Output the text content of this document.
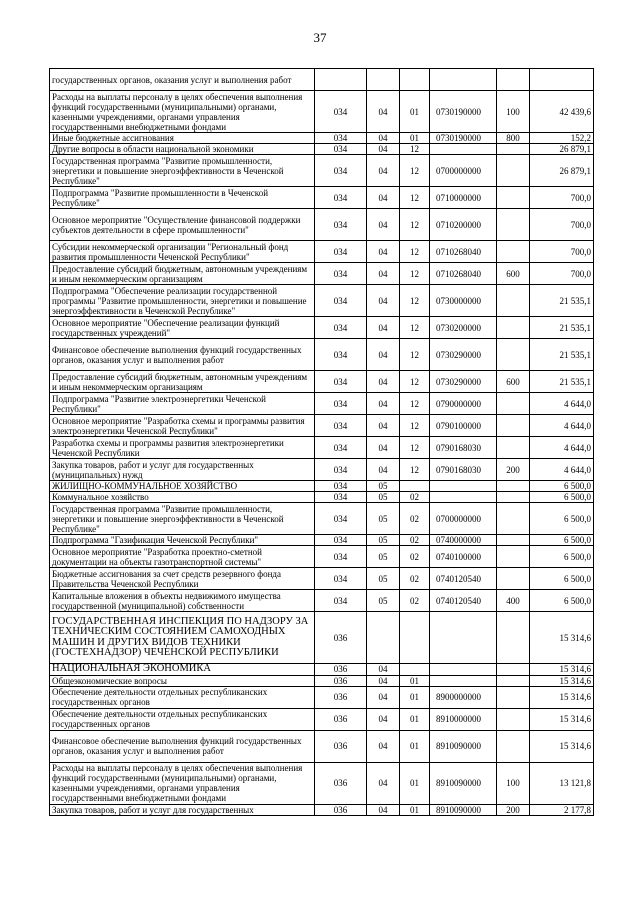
37
государственных органов, оказания услуг и выполнения работ						
Расходы на выплаты персоналу в целях обеспечения выполнения функций государственными (муниципальными) органами, казенными учреждениями, органами управления государственными внебюджетными фондами	034	04	01	0730190000	100	42 439,6
Иные бюджетные ассигнования	034	04	01	0730190000	800	152,2
Другие вопросы в области национальной экономики	034	04	12			26 879,1
Государственная программа "Развитие промышленности, энергетики и повышение энергоэффективности в Чеченской Республике"	034	04	12	0700000000		26 879,1
Подпрограмма "Развитие промышленности в Чеченской Республике"	034	04	12	0710000000		700,0
Основное мероприятие "Осуществление финансовой поддержки субъектов деятельности в сфере промышленности"	034	04	12	0710200000		700,0
Субсидии некоммерческой организации "Региональный фонд развития промышленности Чеченской Республики"	034	04	12	0710268040		700,0
Предоставление субсидий бюджетным, автономным учреждениям и иным некоммерческим организациям	034	04	12	0710268040	600	700,0
Подпрограмма "Обеспечение реализации государственной программы "Развитие промышленности, энергетики и повышение энергоэффективности в Чеченской Республике"	034	04	12	0730000000		21 535,1
Основное мероприятие "Обеспечение реализации функций государственных учреждений"	034	04	12	0730200000		21 535,1
Финансовое обеспечение выполнения функций государственных органов, оказания услуг и выполнения работ	034	04	12	0730290000		21 535,1
Предоставление субсидий бюджетным, автономным учреждениям и иным некоммерческим организациям	034	04	12	0730290000	600	21 535,1
Подпрограмма "Развитие электроэнергетики Чеченской Республики"	034	04	12	0790000000		4 644,0
Основное мероприятие "Разработка схемы и программы развития электроэнергетики Чеченской Республики"	034	04	12	0790100000		4 644,0
Разработка схемы и программы развития электроэнергетики Чеченской Республики	034	04	12	0790168030		4 644,0
Закупка товаров, работ и услуг для государственных (муниципальных) нужд	034	04	12	0790168030	200	4 644,0
ЖИЛИЩНО-КОММУНАЛЬНОЕ ХОЗЯЙСТВО	034	05				6 500,0
Коммунальное хозяйство	034	05	02			6 500,0
Государственная программа "Развитие промышленности, энергетики и повышение энергоэффективности в Чеченской Республике"	034	05	02	0700000000		6 500,0
Подпрограмма "Газификация Чеченской Республики"	034	05	02	0740000000		6 500,0
Основное мероприятие "Разработка проектно-сметной документации на объекты газотранспортной системы"	034	05	02	0740100000		6 500,0
Бюджетные ассигнования за счет средств резервного фонда Правительства Чеченской Республики	034	05	02	0740120540		6 500,0
Капитальные вложения в объекты недвижимого имущества государственной (муниципальной) собственности	034	05	02	0740120540	400	6 500,0
ГОСУДАРСТВЕННАЯ ИНСПЕКЦИЯ ПО НАДЗОРУ ЗА ТЕХНИЧЕСКИМ СОСТОЯНИЕМ САМОХОДНЫХ МАШИН И ДРУГИХ ВИДОВ ТЕХНИКИ (ГОСТЕХНАДЗОР) ЧЕЧЕНСКОЙ РЕСПУБЛИКИ	036					15 314,6
НАЦИОНАЛЬНАЯ ЭКОНОМИКА	036	04				15 314,6
Общеэкономические вопросы	036	04	01			15 314,6
Обеспечение деятельности отдельных республиканских государственных органов	036	04	01	8900000000		15 314,6
Обеспечение деятельности отдельных республиканских государственных органов	036	04	01	8910000000		15 314,6
Финансовое обеспечение выполнения функций государственных органов, оказания услуг и выполнения работ	036	04	01	8910090000		15 314,6
Расходы на выплаты персоналу в целях обеспечения выполнения функций государственными (муниципальными) органами, казенными учреждениями, органами управления государственными внебюджетными фондами	036	04	01	8910090000	100	13 121,8
Закупка товаров, работ и услуг для государственных	036	04	01	8910090000	200	2 177,8
